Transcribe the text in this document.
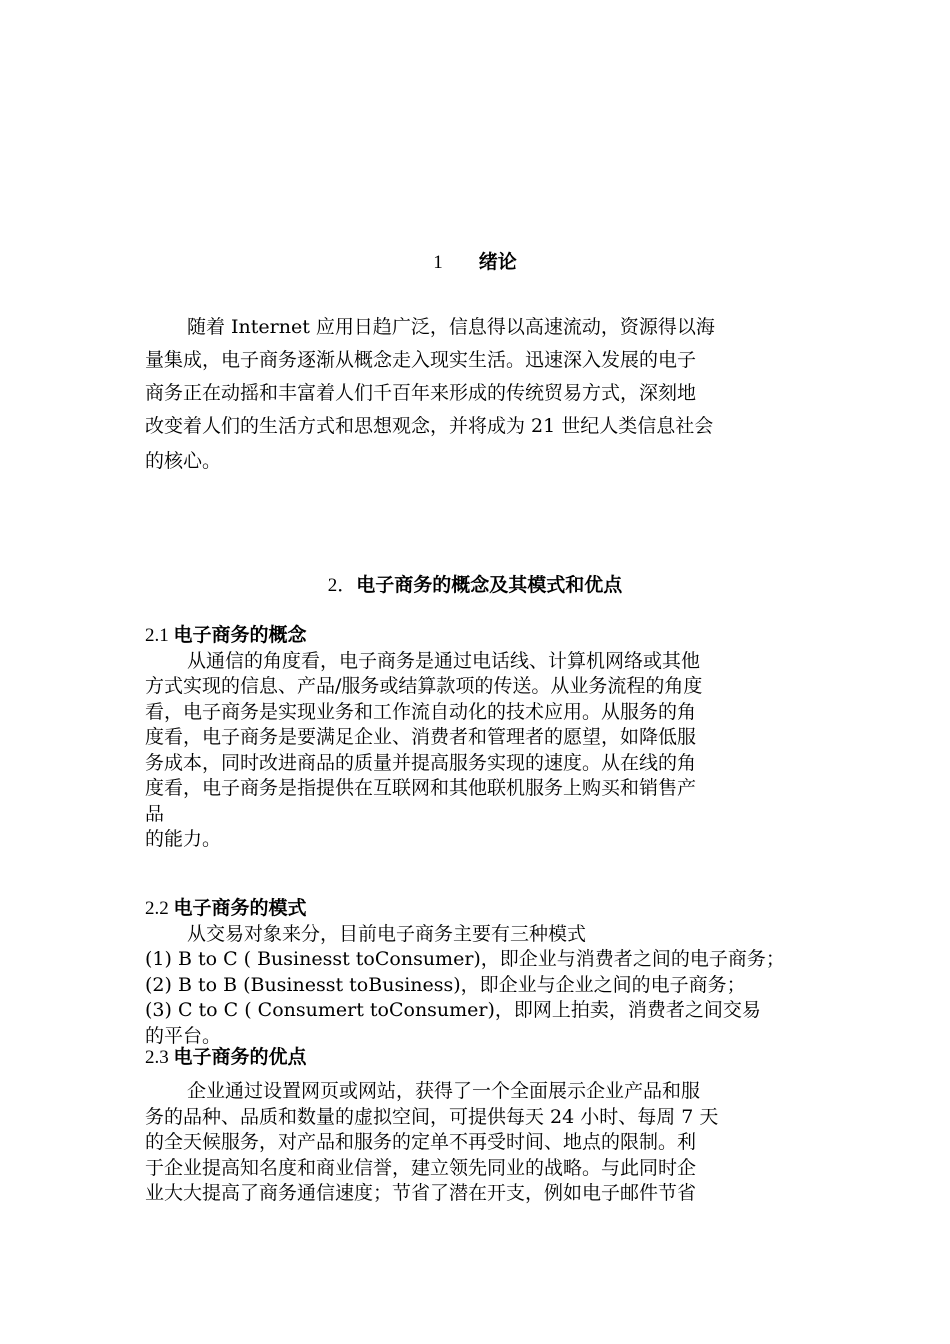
1 绪论
随着 Internet 应用日趋广泛，信息得以高速流动，资源得以海
量集成，电子商务逐渐从概念走入现实生活。迅速深入发展的电子
商务正在动摇和丰富着人们千百年来形成的传统贸易方式，深刻地
改变着人们的生活方式和思想观念，并将成为 21 世纪人类信息社会
的核心。
2．电子商务的概念及其模式和优点
2.1 电子商务的概念
从通信的角度看，电子商务是通过电话线、计算机网络或其他
方式实现的信息、产品/服务或结算款项的传送。从业务流程的角度
看，电子商务是实现业务和工作流自动化的技术应用。从服务的角
度看，电子商务是要满足企业、消费者和管理者的愿望，如降低服
务成本，同时改进商品的质量并提高服务实现的速度。从在线的角
度看，电子商务是指提供在互联网和其他联机服务上购买和销售产
品
的能力。
2.2 电子商务的模式
从交易对象来分，目前电子商务主要有三种模式
(1) B to C ( Businesst toConsumer)，即企业与消费者之间的电子商务；
(2) B to B (Businesst toBusiness)，即企业与企业之间的电子商务；
(3) C to C ( Consumert toConsumer)，即网上拍卖，消费者之间交易
的平台。
2.3 电子商务的优点
企业通过设置网页或网站，获得了一个全面展示企业产品和服
务的品种、品质和数量的虚拟空间，可提供每天 24 小时、每周 7 天
的全天候服务，对产品和服务的定单不再受时间、地点的限制。利
于企业提高知名度和商业信誉，建立领先同业的战略。与此同时企
业大大提高了商务通信速度；节省了潜在开支，例如电子邮件节省
